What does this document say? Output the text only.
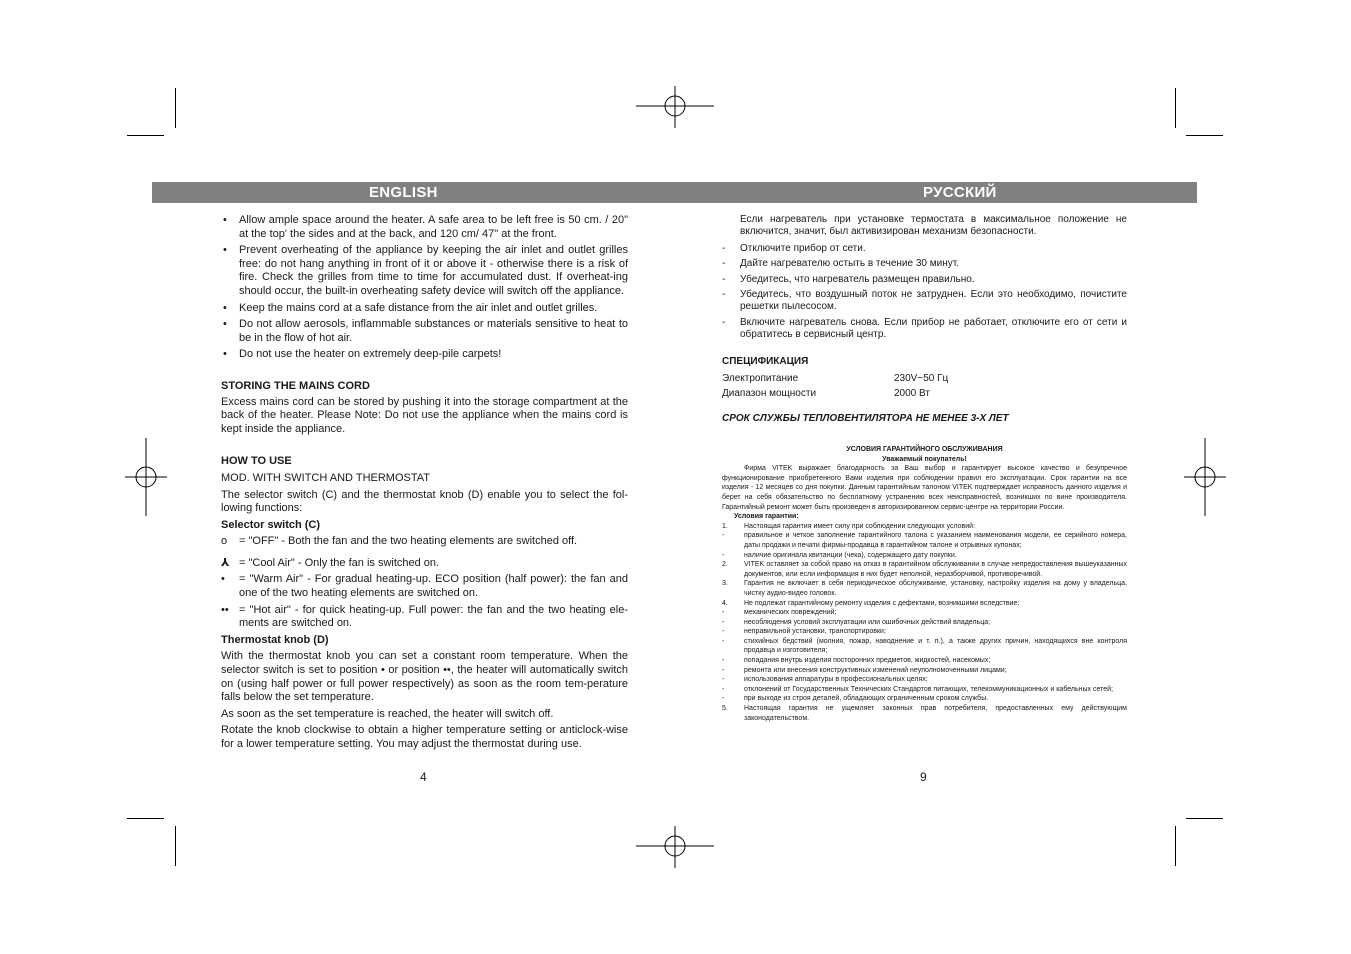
ENGLISH	РУССКИЙ
• Allow ample space around the heater. A safe area to be left free is 50 cm. / 20" at the top' the sides and at the back, and 120 cm/ 47" at the front.
• Prevent overheating of the appliance by keeping the air inlet and outlet grilles free: do not hang anything in front of it or above it - otherwise there is a risk of fire. Check the grilles from time to time for accumulated dust. If overheat-ing should occur, the built-in overheating safety device will switch off the appliance.
• Keep the mains cord at a safe distance from the air inlet and outlet grilles.
• Do not allow aerosols, inflammable substances or materials sensitive to heat to be in the flow of hot air.
• Do not use the heater on extremely deep-pile carpets!

STORING THE MAINS CORD

Excess mains cord can be stored by pushing it into the storage compartment at the back of the heater. Please Note: Do not use the appliance when the mains cord is kept inside the appliance.

HOW TO USE

MOD. WITH SWITCH AND THERMOSTAT

The selector switch (C) and the thermostat knob (D) enable you to select the fol-lowing functions:

Selector switch (C)

o = "OFF" - Both the fan and the two heating elements are switched off.
⅄ = "Cool Air" - Only the fan is switched on.
• = "Warm Air" - For gradual heating-up. ECO position (half power): the fan and one of the two heating elements are switched on.
•• = "Hot air" - for quick heating-up. Full power: the fan and the two heating ele-ments are switched on.

Thermostat knob (D)

With the thermostat knob you can set a constant room temperature. When the selector switch is set to position • or position ••, the heater will automatically switch on (using half power or full power respectively) as soon as the room tem-perature falls below the set temperature.

As soon as the set temperature is reached, the heater will switch off.

Rotate the knob clockwise to obtain a higher temperature setting or anticlock-wise for a lower temperature setting. You may adjust the thermostat during use.

4

Если нагреватель при установке термостата в максимальное положение не включится, значит, был активизирован механизм безопасности.

- Отключите прибор от сети.
- Дайте нагревателю остыть в течение 30 минут.
- Убедитесь, что нагреватель размещен правильно.
- Убедитесь, что воздушный поток не затруднен. Если это необходимо, почистите решетки пылесосом.
- Включите нагреватель снова. Если прибор не работает, отключите его от сети и обратитесь в сервисный центр.

СПЕЦИФИКАЦИЯ

Электропитание	230V~50 Гц
Диапазон мощности	2000 Вт

СРОК СЛУЖБЫ ТЕПЛОВЕНТИЛЯТОРА НЕ МЕНЕЕ 3-Х ЛЕТ

УСЛОВИЯ ГАРАНТИЙНОГО ОБСЛУЖИВАНИЯ

Уважаемый покупатель!

Фирма VITEK выражает благодарность за Ваш выбор и гарантирует высокое качество и безупречное функционирование приобретенного Вами изделия при соблюдении правил его эксплуатации. Срок гарантии на все изделия - 12 месяцев со дня покупки. Данным гарантийным талоном VITEK подтверждает исправность данного изделия и берет на себя обязательство по бесплатному устранению всех неисправностей, возникших по вине производителя. Гарантийный ремонт может быть произведен в авторизированном сервис-центре на территории России.

Условия гарантии:

1. Настоящая гарантия имеет силу при соблюдении следующих условий:
-	правильное и четкое заполнение гарантийного талона с указанием наименования модели, ее серийного номера, даты продажи и печати фирмы-продавца в гарантийном талоне и отрывных купонах;
-	наличие оригинала квитанции (чека), содержащего дату покупки.
2. VITEK оставляет за собой право на отказ в гарантийном обслуживании в случае непредоставления вышеуказанных документов, или если информация в них будет неполной, неразборчивой, противоречивой.
3. Гарантия не включает в себя периодическое обслуживание, установку, настройку изделия на дому у владельца, чистку аудио-видео головок.
4. Не подлежат гарантийному ремонту изделия с дефектами, возникшими вследствие:
-	механических повреждений;
-	несоблюдения условий эксплуатации или ошибочных действий владельца;
-	неправильной установки, транспортировки;
-	стихийных бедствий (молния, пожар, наводнение и т. п.), а также других причин, находящихся вне контроля продавца и изготовителя;
-	попадания внутрь изделия посторонних предметов, жидкостей, насекомых;
-	ремонта или внесения конструктивных изменений неуполномоченными лицами;
-	использования аппаратуры в профессиональных целях;
-	отклонений от Государственных Технических Стандартов питающих, телекоммуникационных и кабельных сетей;
-	при выходе из строя деталей, обладающих ограниченным сроком службы.
5. Настоящая гарантия не ущемляет законных прав потребителя, предоставленных ему действующим законодательством.
9
